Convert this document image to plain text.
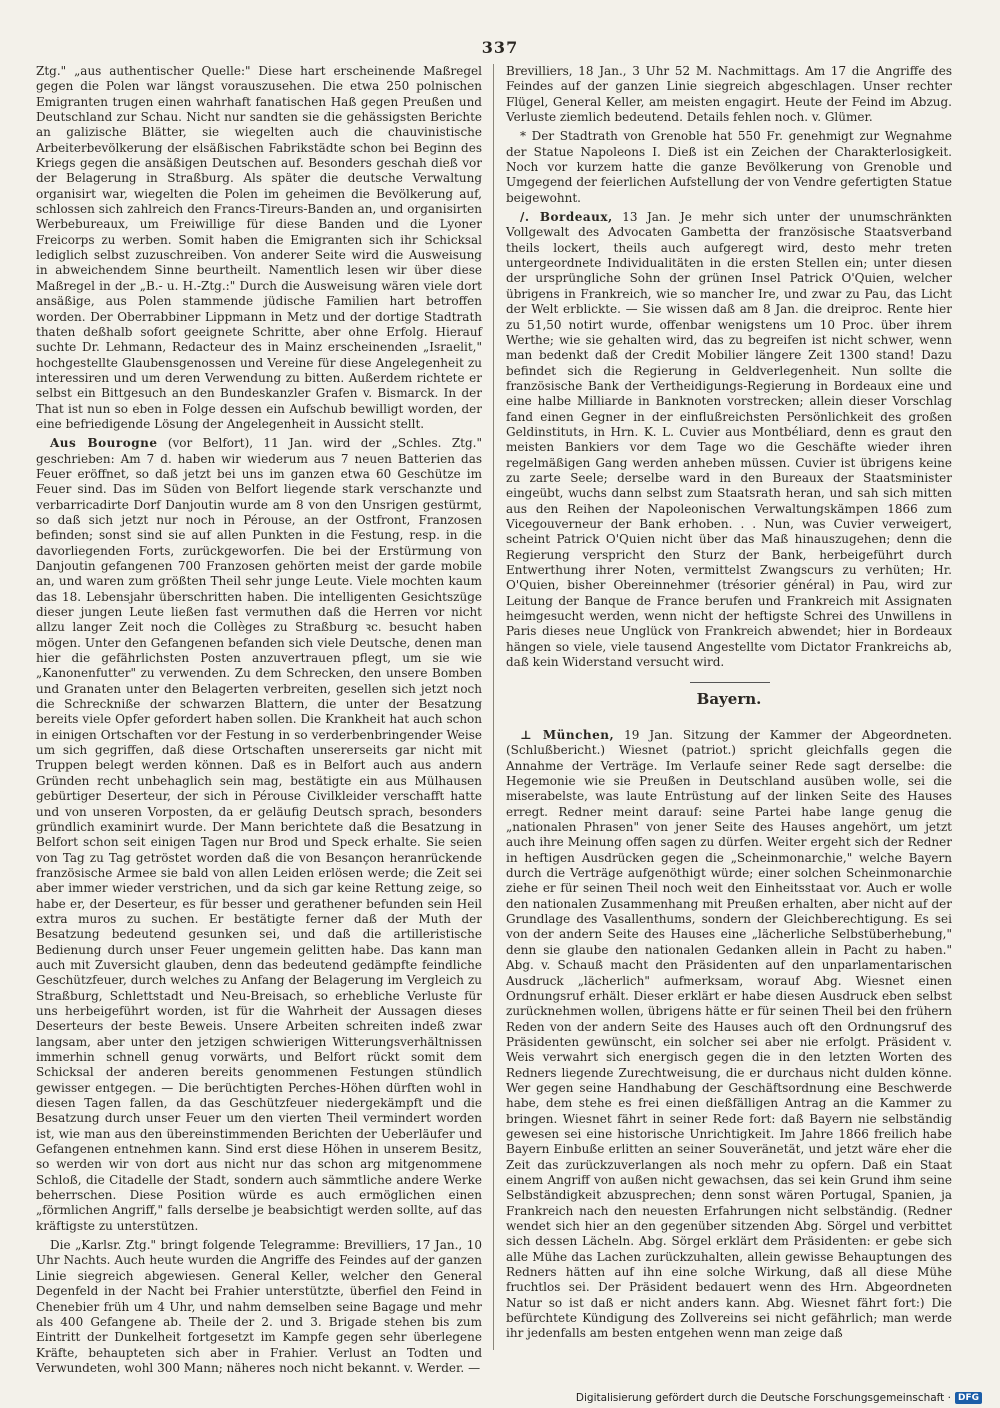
337

Ztg." „aus authentischer Quelle:" Diese hart erscheinende Maßregel gegen die Polen war längst vorauszusehen. Die etwa 250 polnischen Emigranten trugen einen wahrhaft fanatischen Haß gegen Preußen und Deutschland zur Schau. Nicht nur sandten sie die gehässigsten Berichte an galizische Blätter, sie wiegelten auch die chauvinistische Arbeiterbevölkerung der elsäßischen Fabrikstädte schon bei Beginn des Kriegs gegen die ansäßigen Deutschen auf. Besonders geschah dieß vor der Belagerung in Straßburg. Als später die deutsche Verwaltung organisirt war, wiegelten die Polen im geheimen die Bevölkerung auf, schlossen sich zahlreich den Francs-Tireurs-Banden an, und organisirten Werbebureaux, um Freiwillige für diese Banden und die Lyoner Freicorps zu werben. Somit haben die Emigranten sich ihr Schicksal lediglich selbst zuzuschreiben. Von anderer Seite wird die Ausweisung in abweichendem Sinne beurtheilt. Namentlich lesen wir über diese Maßregel in der „B.- u. H.-Ztg.:" Durch die Ausweisung wären viele dort ansäßige, aus Polen stammende jüdische Familien hart betroffen worden. Der Oberrabbiner Lippmann in Metz und der dortige Stadtrath thaten deßhalb sofort geeignete Schritte, aber ohne Erfolg. Hierauf suchte Dr. Lehmann, Redacteur des in Mainz erscheinenden „Israelit," hochgestellte Glaubensgenossen und Vereine für diese Angelegenheit zu interessiren und um deren Verwendung zu bitten. Außerdem richtete er selbst ein Bittgesuch an den Bundeskanzler Grafen v. Bismarck. In der That ist nun so eben in Folge dessen ein Aufschub bewilligt worden, der eine befriedigende Lösung der Angelegenheit in Aussicht stellt.

Aus Bourogne (vor Belfort), 11 Jan. wird der „Schles. Ztg." geschrieben: Am 7 d. haben wir wiederum aus 7 neuen Batterien das Feuer eröffnet, so daß jetzt bei uns im ganzen etwa 60 Geschütze im Feuer sind. Das im Süden von Belfort liegende stark verschanzte und verbarricadirte Dorf Danjoutin wurde am 8 von den Unsrigen gestürmt, so daß sich jetzt nur noch in Pérouse, an der Ostfront, Franzosen befinden; sonst sind sie auf allen Punkten in die Festung, resp. in die davorliegenden Forts, zurückgeworfen. Die bei der Erstürmung von Danjoutin gefangenen 700 Franzosen gehörten meist der garde mobile an, und waren zum größten Theil sehr junge Leute. Viele mochten kaum das 18. Lebensjahr überschritten haben. Die intelligenten Gesichtszüge dieser jungen Leute ließen fast vermuthen daß die Herren vor nicht allzu langer Zeit noch die Collèges zu Straßburg ꝛc. besucht haben mögen. Unter den Gefangenen befanden sich viele Deutsche, denen man hier die gefährlichsten Posten anzuvertrauen pflegt, um sie wie „Kanonenfutter" zu verwenden. Zu dem Schrecken, den unsere Bomben und Granaten unter den Belagerten verbreiten, gesellen sich jetzt noch die Schreckniße der schwarzen Blattern, die unter der Besatzung bereits viele Opfer gefordert haben sollen. Die Krankheit hat auch schon in einigen Ortschaften vor der Festung in so verderbenbringender Weise um sich gegriffen, daß diese Ortschaften unsererseits gar nicht mit Truppen belegt werden können. Daß es in Belfort auch aus andern Gründen recht unbehaglich sein mag, bestätigte ein aus Mülhausen gebürtiger Deserteur, der sich in Pérouse Civilkleider verschafft hatte und von unseren Vorposten, da er geläufig Deutsch sprach, besonders gründlich examinirt wurde. Der Mann berichtete daß die Besatzung in Belfort schon seit einigen Tagen nur Brod und Speck erhalte. Sie seien von Tag zu Tag getröstet worden daß die von Besançon heranrückende französische Armee sie bald von allen Leiden erlösen werde; die Zeit sei aber immer wieder verstrichen, und da sich gar keine Rettung zeige, so habe er, der Deserteur, es für besser und gerathener befunden sein Heil extra muros zu suchen. Er bestätigte ferner daß der Muth der Besatzung bedeutend gesunken sei, und daß die artilleristische Bedienung durch unser Feuer ungemein gelitten habe. Das kann man auch mit Zuversicht glauben, denn das bedeutend gedämpfte feindliche Geschützfeuer, durch welches zu Anfang der Belagerung im Vergleich zu Straßburg, Schlettstadt und Neu-Breisach, so erhebliche Verluste für uns herbeigeführt worden, ist für die Wahrheit der Aussagen dieses Deserteurs der beste Beweis. Unsere Arbeiten schreiten indeß zwar langsam, aber unter den jetzigen schwierigen Witterungsverhältnissen immerhin schnell genug vorwärts, und Belfort rückt somit dem Schicksal der anderen bereits genommenen Festungen stündlich gewisser entgegen. — Die berüchtigten Perches-Höhen dürften wohl in diesen Tagen fallen, da das Geschützfeuer niedergekämpft und die Besatzung durch unser Feuer um den vierten Theil vermindert worden ist, wie man aus den übereinstimmenden Berichten der Ueberläufer und Gefangenen entnehmen kann. Sind erst diese Höhen in unserem Besitz, so werden wir von dort aus nicht nur das schon arg mitgenommene Schloß, die Citadelle der Stadt, sondern auch sämmtliche andere Werke beherrschen. Diese Position würde es auch ermöglichen einen „förmlichen Angriff," falls derselbe je beabsichtigt werden sollte, auf das kräftigste zu unterstützen.

Die „Karlsr. Ztg." bringt folgende Telegramme: Brevilliers, 17 Jan., 10 Uhr Nachts. Auch heute wurden die Angriffe des Feindes auf der ganzen Linie siegreich abgewiesen. General Keller, welcher den General Degenfeld in der Nacht bei Frahier unterstützte, überfiel den Feind in Chenebier früh um 4 Uhr, und nahm demselben seine Bagage und mehr als 400 Gefangene ab. Theile der 2. und 3. Brigade stehen bis zum Eintritt der Dunkelheit fortgesetzt im Kampfe gegen sehr überlegene Kräfte, behaupteten sich aber in Frahier. Verlust an Todten und Verwundeten, wohl 300 Mann; näheres noch nicht bekannt. v. Werder. —

Brevilliers, 18 Jan., 3 Uhr 52 M. Nachmittags. Am 17 die Angriffe des Feindes auf der ganzen Linie siegreich abgeschlagen. Unser rechter Flügel, General Keller, am meisten engagirt. Heute der Feind im Abzug. Verluste ziemlich bedeutend. Details fehlen noch. v. Glümer.

* Der Stadtrath von Grenoble hat 550 Fr. genehmigt zur Wegnahme der Statue Napoleons I. Dieß ist ein Zeichen der Charakterlosigkeit. Noch vor kurzem hatte die ganze Bevölkerung von Grenoble und Umgegend der feierlichen Aufstellung der von Vendre gefertigten Statue beigewohnt.

/. Bordeaux, 13 Jan. Je mehr sich unter der unumschränkten Vollgewalt des Advocaten Gambetta der französische Staatsverband theils lockert, theils auch aufgeregt wird, desto mehr treten untergeordnete Individualitäten in die ersten Stellen ein; unter diesen der ursprüngliche Sohn der grünen Insel Patrick O'Quien, welcher übrigens in Frankreich, wie so mancher Ire, und zwar zu Pau, das Licht der Welt erblickte. — Sie wissen daß am 8 Jan. die dreiproc. Rente hier zu 51,50 notirt wurde, offenbar wenigstens um 10 Proc. über ihrem Werthe; wie sie gehalten wird, das zu begreifen ist nicht schwer, wenn man bedenkt daß der Credit Mobilier längere Zeit 1300 stand! Dazu befindet sich die Regierung in Geldverlegenheit. Nun sollte die französische Bank der Vertheidigungs-Regierung in Bordeaux eine und eine halbe Milliarde in Banknoten vorstrecken; allein dieser Vorschlag fand einen Gegner in der einflußreichsten Persönlichkeit des großen Geldinstituts, in Hrn. K. L. Cuvier aus Montbéliard, denn es graut den meisten Bankiers vor dem Tage wo die Geschäfte wieder ihren regelmäßigen Gang werden anheben müssen. Cuvier ist übrigens keine zu zarte Seele; derselbe ward in den Bureaux der Staatsminister eingeübt, wuchs dann selbst zum Staatsrath heran, und sah sich mitten aus den Reihen der Napoleonischen Verwaltungskämpen 1866 zum Vicegouverneur der Bank erhoben. . . Nun, was Cuvier verweigert, scheint Patrick O'Quien nicht über das Maß hinauszugehen; denn die Regierung verspricht den Sturz der Bank, herbeigeführt durch Entwerthung ihrer Noten, vermittelst Zwangscurs zu verhüten; Hr. O'Quien, bisher Obereinnehmer (trésorier général) in Pau, wird zur Leitung der Banque de France berufen und Frankreich mit Assignaten heimgesucht werden, wenn nicht der heftigste Schrei des Unwillens in Paris dieses neue Unglück von Frankreich abwendet; hier in Bordeaux hängen so viele, viele tausend Angestellte vom Dictator Frankreichs ab, daß kein Widerstand versucht wird.

Bayern.

⊥ München, 19 Jan. Sitzung der Kammer der Abgeordneten. (Schlußbericht.) Wiesnet (patriot.) spricht gleichfalls gegen die Annahme der Verträge. Im Verlaufe seiner Rede sagt derselbe: die Hegemonie wie sie Preußen in Deutschland ausüben wolle, sei die miserabelste, was laute Entrüstung auf der linken Seite des Hauses erregt. Redner meint darauf: seine Partei habe lange genug die „nationalen Phrasen" von jener Seite des Hauses angehört, um jetzt auch ihre Meinung offen sagen zu dürfen. Weiter ergeht sich der Redner in heftigen Ausdrücken gegen die „Scheinmonarchie," welche Bayern durch die Verträge aufgenöthigt würde; einer solchen Scheinmonarchie ziehe er für seinen Theil noch weit den Einheitsstaat vor. Auch er wolle den nationalen Zusammenhang mit Preußen erhalten, aber nicht auf der Grundlage des Vasallenthums, sondern der Gleichberechtigung. Es sei von der andern Seite des Hauses eine „lächerliche Selbstüberhebung," denn sie glaube den nationalen Gedanken allein in Pacht zu haben." Abg. v. Schauß macht den Präsidenten auf den unparlamentarischen Ausdruck „lächerlich" aufmerksam, worauf Abg. Wiesnet einen Ordnungsruf erhält. Dieser erklärt er habe diesen Ausdruck eben selbst zurücknehmen wollen, übrigens hätte er für seinen Theil bei den frühern Reden von der andern Seite des Hauses auch oft den Ordnungsruf des Präsidenten gewünscht, ein solcher sei aber nie erfolgt. Präsident v. Weis verwahrt sich energisch gegen die in den letzten Worten des Redners liegende Zurechtweisung, die er durchaus nicht dulden könne. Wer gegen seine Handhabung der Geschäftsordnung eine Beschwerde habe, dem stehe es frei einen dießfälligen Antrag an die Kammer zu bringen. Wiesnet fährt in seiner Rede fort: daß Bayern nie selbständig gewesen sei eine historische Unrichtigkeit. Im Jahre 1866 freilich habe Bayern Einbuße erlitten an seiner Souveränetät, und jetzt wäre eher die Zeit das zurückzuverlangen als noch mehr zu opfern. Daß ein Staat einem Angriff von außen nicht gewachsen, das sei kein Grund ihm seine Selbständigkeit abzusprechen; denn sonst wären Portugal, Spanien, ja Frankreich nach den neuesten Erfahrungen nicht selbständig. (Redner wendet sich hier an den gegenüber sitzenden Abg. Sörgel und verbittet sich dessen Lächeln. Abg. Sörgel erklärt dem Präsidenten: er gebe sich alle Mühe das Lachen zurückzuhalten, allein gewisse Behauptungen des Redners hätten auf ihn eine solche Wirkung, daß all diese Mühe fruchtlos sei. Der Präsident bedauert wenn des Hrn. Abgeordneten Natur so ist daß er nicht anders kann. Abg. Wiesnet fährt fort:) Die befürchtete Kündigung des Zollvereins sei nicht gefährlich; man werde ihr jedenfalls am besten entgehen wenn man zeige daß

Digitalisierung gefördert durch die Deutsche Forschungsgemeinschaft · DFG
